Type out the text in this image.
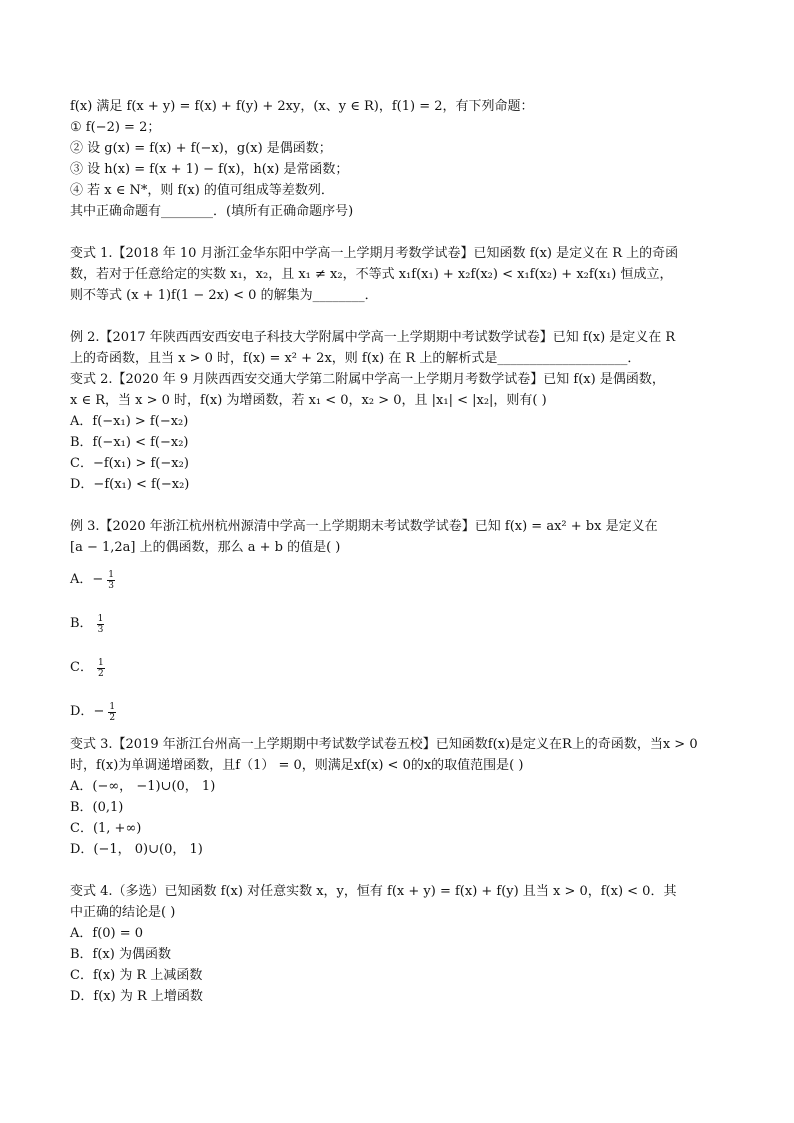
f(x) 满足 f(x + y) = f(x) + f(y) + 2xy，(x、y ∈ R)，f(1) = 2，有下列命题：
① f(−2) = 2；
② 设 g(x) = f(x) + f(−x)，g(x) 是偶函数；
③ 设 h(x) = f(x + 1) − f(x)，h(x) 是常函数；
④ 若 x ∈ N*，则 f(x) 的值可组成等差数列．
其中正确命题有________．(填所有正确命题序号)
变式 1.【2018 年 10 月浙江金华东阳中学高一上学期月考数学试卷】已知函数 f(x) 是定义在 R 上的奇函
数，若对于任意给定的实数 x₁，x₂，且 x₁ ≠ x₂，不等式 x₁f(x₁) + x₂f(x₂) < x₁f(x₂) + x₂f(x₁) 恒成立，
则不等式 (x + 1)f(1 − 2x) < 0 的解集为________．
例 2.【2017 年陕西西安西安电子科技大学附属中学高一上学期期中考试数学试卷】已知 f(x) 是定义在 R
上的奇函数，且当 x > 0 时，f(x) = x² + 2x，则 f(x) 在 R 上的解析式是____________________．
变式 2.【2020 年 9 月陕西西安交通大学第二附属中学高一上学期月考数学试卷】已知 f(x) 是偶函数，
x ∈ R，当 x > 0 时，f(x) 为增函数，若 x₁ < 0，x₂ > 0，且 |x₁| < |x₂|，则有( )
A．f(−x₁) > f(−x₂)
B．f(−x₁) < f(−x₂)
C．−f(x₁) > f(−x₂)
D．−f(x₁) < f(−x₂)
例 3.【2020 年浙江杭州杭州源清中学高一上学期期末考试数学试卷】已知 f(x) = ax² + bx 是定义在
[a − 1,2a] 上的偶函数，那么 a + b 的值是( )
A． − $\frac{1}{3}$
B． $\frac{1}{3}$
C． $\frac{1}{2}$
D． − $\frac{1}{2}$
变式 3.【2019 年浙江台州高一上学期期中考试数学试卷五校】已知函数f(x)是定义在R上的奇函数，当x > 0
时，f(x)为单调递增函数，且f（1） = 0，则满足xf(x) < 0的x的取值范围是( )
A．(−∞， −1)∪(0， 1)
B．(0,1)
C．(1, +∞)
D．(−1， 0)∪(0， 1)
变式 4.（多选）已知函数 f(x) 对任意实数 x，y，恒有 f(x + y) = f(x) + f(y) 且当 x > 0，f(x) < 0．其
中正确的结论是( )
A．f(0) = 0
B．f(x) 为偶函数
C．f(x) 为 R 上减函数
D．f(x) 为 R 上增函数
